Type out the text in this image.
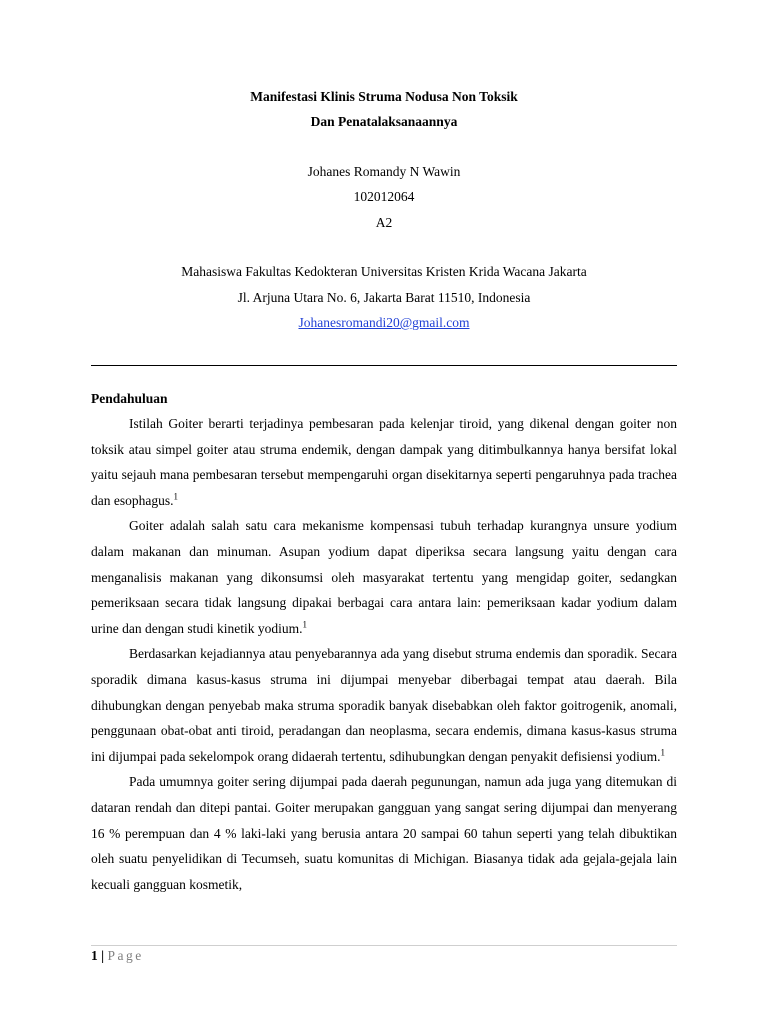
Manifestasi Klinis Struma Nodusa Non Toksik
Dan Penatalaksanaannya
Johanes Romandy N Wawin
102012064
A2
Mahasiswa Fakultas Kedokteran Universitas Kristen Krida Wacana Jakarta
Jl. Arjuna Utara No. 6, Jakarta Barat 11510, Indonesia
Johanesromandi20@gmail.com
Pendahuluan

Istilah Goiter berarti terjadinya pembesaran pada kelenjar tiroid, yang dikenal dengan goiter non toksik atau simpel goiter atau struma endemik, dengan dampak yang ditimbulkannya hanya bersifat lokal yaitu sejauh mana pembesaran tersebut mempengaruhi organ disekitarnya seperti pengaruhnya pada trachea dan esophagus.$^1$

Goiter adalah salah satu cara mekanisme kompensasi tubuh terhadap kurangnya unsure yodium dalam makanan dan minuman. Asupan yodium dapat diperiksa secara langsung yaitu dengan cara menganalisis makanan yang dikonsumsi oleh masyarakat tertentu yang mengidap goiter, sedangkan pemeriksaan secara tidak langsung dipakai berbagai cara antara lain: pemeriksaan kadar yodium dalam urine dan dengan studi kinetik yodium.$^1$

Berdasarkan kejadiannya atau penyebarannya ada yang disebut struma endemis dan sporadik. Secara sporadik dimana kasus-kasus struma ini dijumpai menyebar diberbagai tempat atau daerah. Bila dihubungkan dengan penyebab maka struma sporadik banyak disebabkan oleh faktor goitrogenik, anomali, penggunaan obat-obat anti tiroid, peradangan dan neoplasma, secara endemis, dimana kasus-kasus struma ini dijumpai pada sekelompok orang didaerah tertentu, sdihubungkan dengan penyakit defisiensi yodium.$^1$

Pada umumnya goiter sering dijumpai pada daerah pegunungan, namun ada juga yang ditemukan di dataran rendah dan ditepi pantai. Goiter merupakan gangguan yang sangat sering dijumpai dan menyerang 16 % perempuan dan 4 % laki-laki yang berusia antara 20 sampai 60 tahun seperti yang telah dibuktikan oleh suatu penyelidikan di Tecumseh, suatu komunitas di Michigan. Biasanya tidak ada gejala-gejala lain kecuali gangguan kosmetik,

1 | Page
